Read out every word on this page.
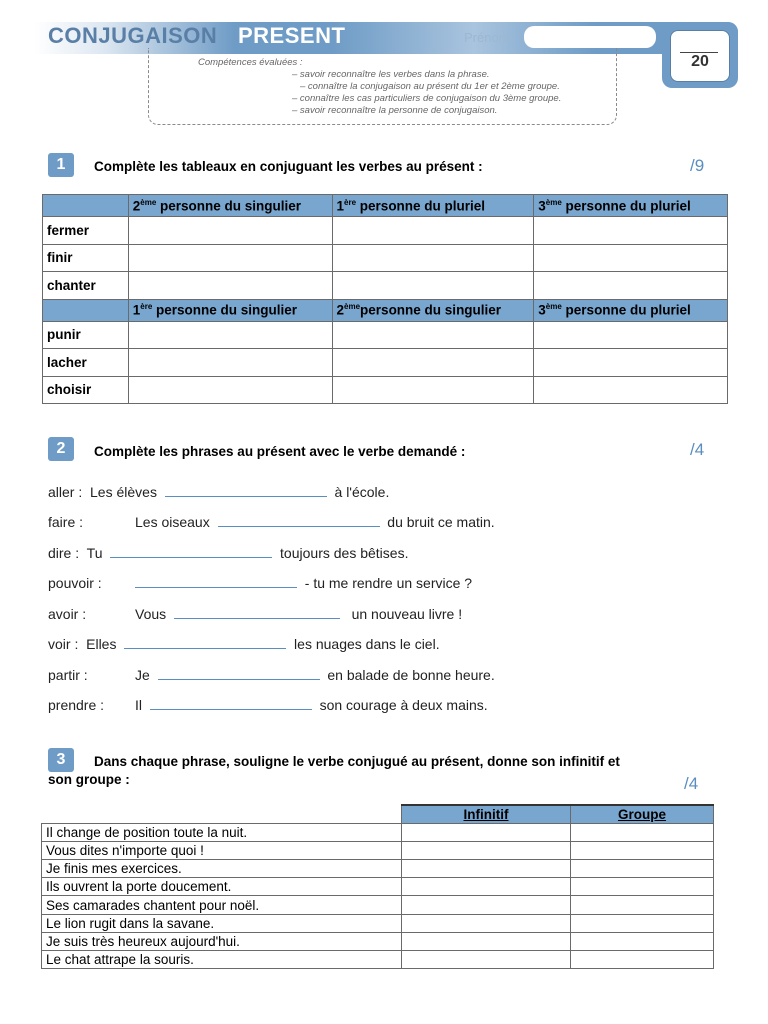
CONJUGAISON PRESENT	Prénom :
20
Compétences évaluées :
– savoir reconnaître les verbes dans la phrase.
– connaître la conjugaison au présent du 1er et 2ème groupe.
– connaître les cas particuliers de conjugaison du 3ème groupe.
– savoir reconnaître la personne de conjugaison.
1	Complète les tableaux en conjuguant les verbes au présent :	/9
	2ème personne du singulier	1ère personne du pluriel	3ème personne du pluriel
fermer			
finir			
chanter			
	1ère personne du singulier	2èmepersonne du singulier	3ème personne du pluriel
punir			
lacher			
choisir			
2	Complète les phrases au présent avec le verbe demandé :	/4
aller : Les élèves	à l'école.
faire :	Les oiseaux	du bruit ce matin.
dire : Tu	toujours des bêtises.
pouvoir :	- tu me rendre un service ?
avoir :	Vous	un nouveau livre !
voir : Elles	les nuages dans le ciel.
partir :	Je	en balade de bonne heure.
prendre : Il	son courage à deux mains.
3	Dans chaque phrase, souligne le verbe conjugué au présent, donne son infinitif et
son groupe :	/4
	Infinitif	Groupe
Il change de position toute la nuit.		
Vous dites n'importe quoi !		
Je finis mes exercices.		
Ils ouvrent la porte doucement.		
Ses camarades chantent pour noël.		
Le lion rugit dans la savane.		
Je suis très heureux aujourd'hui.		
Le chat attrape la souris.		
